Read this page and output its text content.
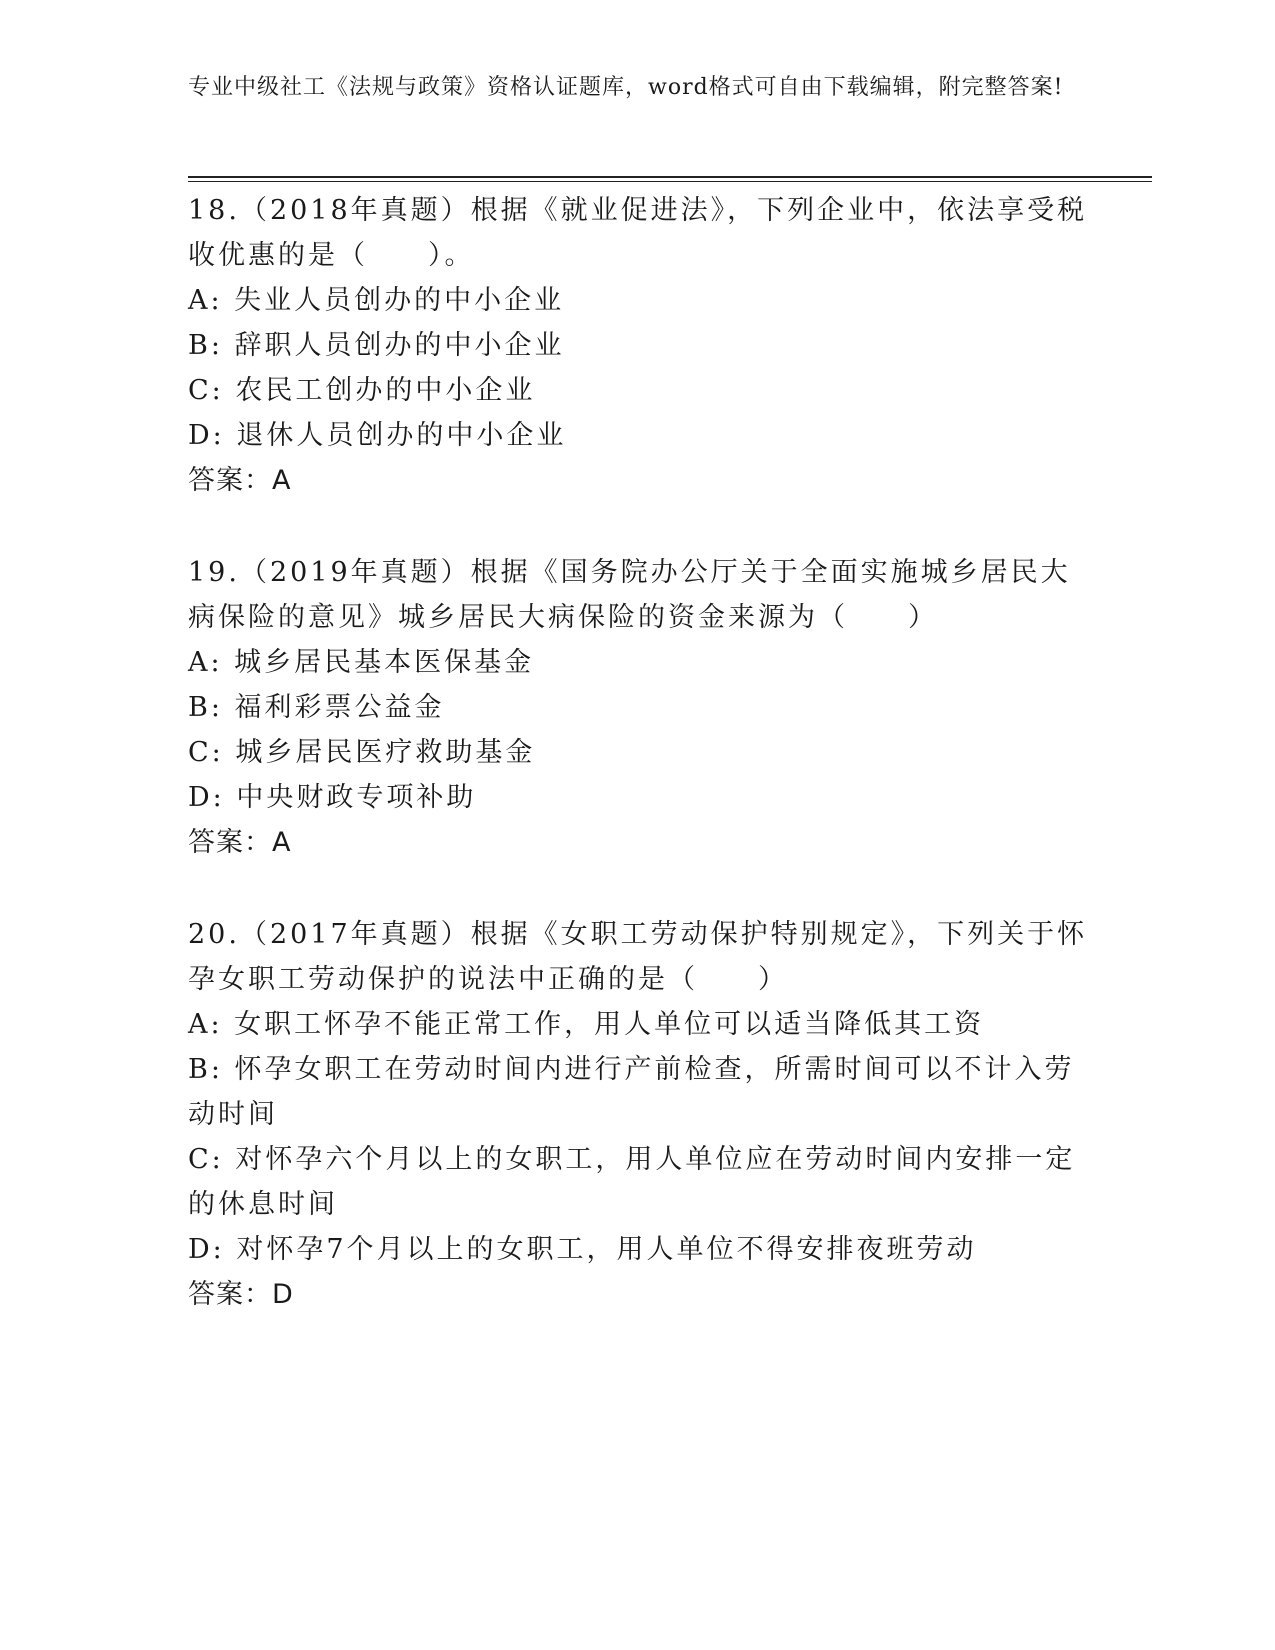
专业中级社工《法规与政策》资格认证题库，word格式可自由下载编辑，附完整答案!
18.（2018年真题）根据《就业促进法》，下列企业中，依法享受税收优惠的是（　　）。
A: 失业人员创办的中小企业
B: 辞职人员创办的中小企业
C: 农民工创办的中小企业
D: 退休人员创办的中小企业
答案：A
19.（2019年真题）根据《国务院办公厅关于全面实施城乡居民大病保险的意见》城乡居民大病保险的资金来源为（　　）
A: 城乡居民基本医保基金
B: 福利彩票公益金
C: 城乡居民医疗救助基金
D: 中央财政专项补助
答案：A
20.（2017年真题）根据《女职工劳动保护特别规定》，下列关于怀孕女职工劳动保护的说法中正确的是（　　）
A: 女职工怀孕不能正常工作，用人单位可以适当降低其工资
B: 怀孕女职工在劳动时间内进行产前检查，所需时间可以不计入劳动时间
C: 对怀孕六个月以上的女职工，用人单位应在劳动时间内安排一定的休息时间
D: 对怀孕7个月以上的女职工，用人单位不得安排夜班劳动
答案：D
